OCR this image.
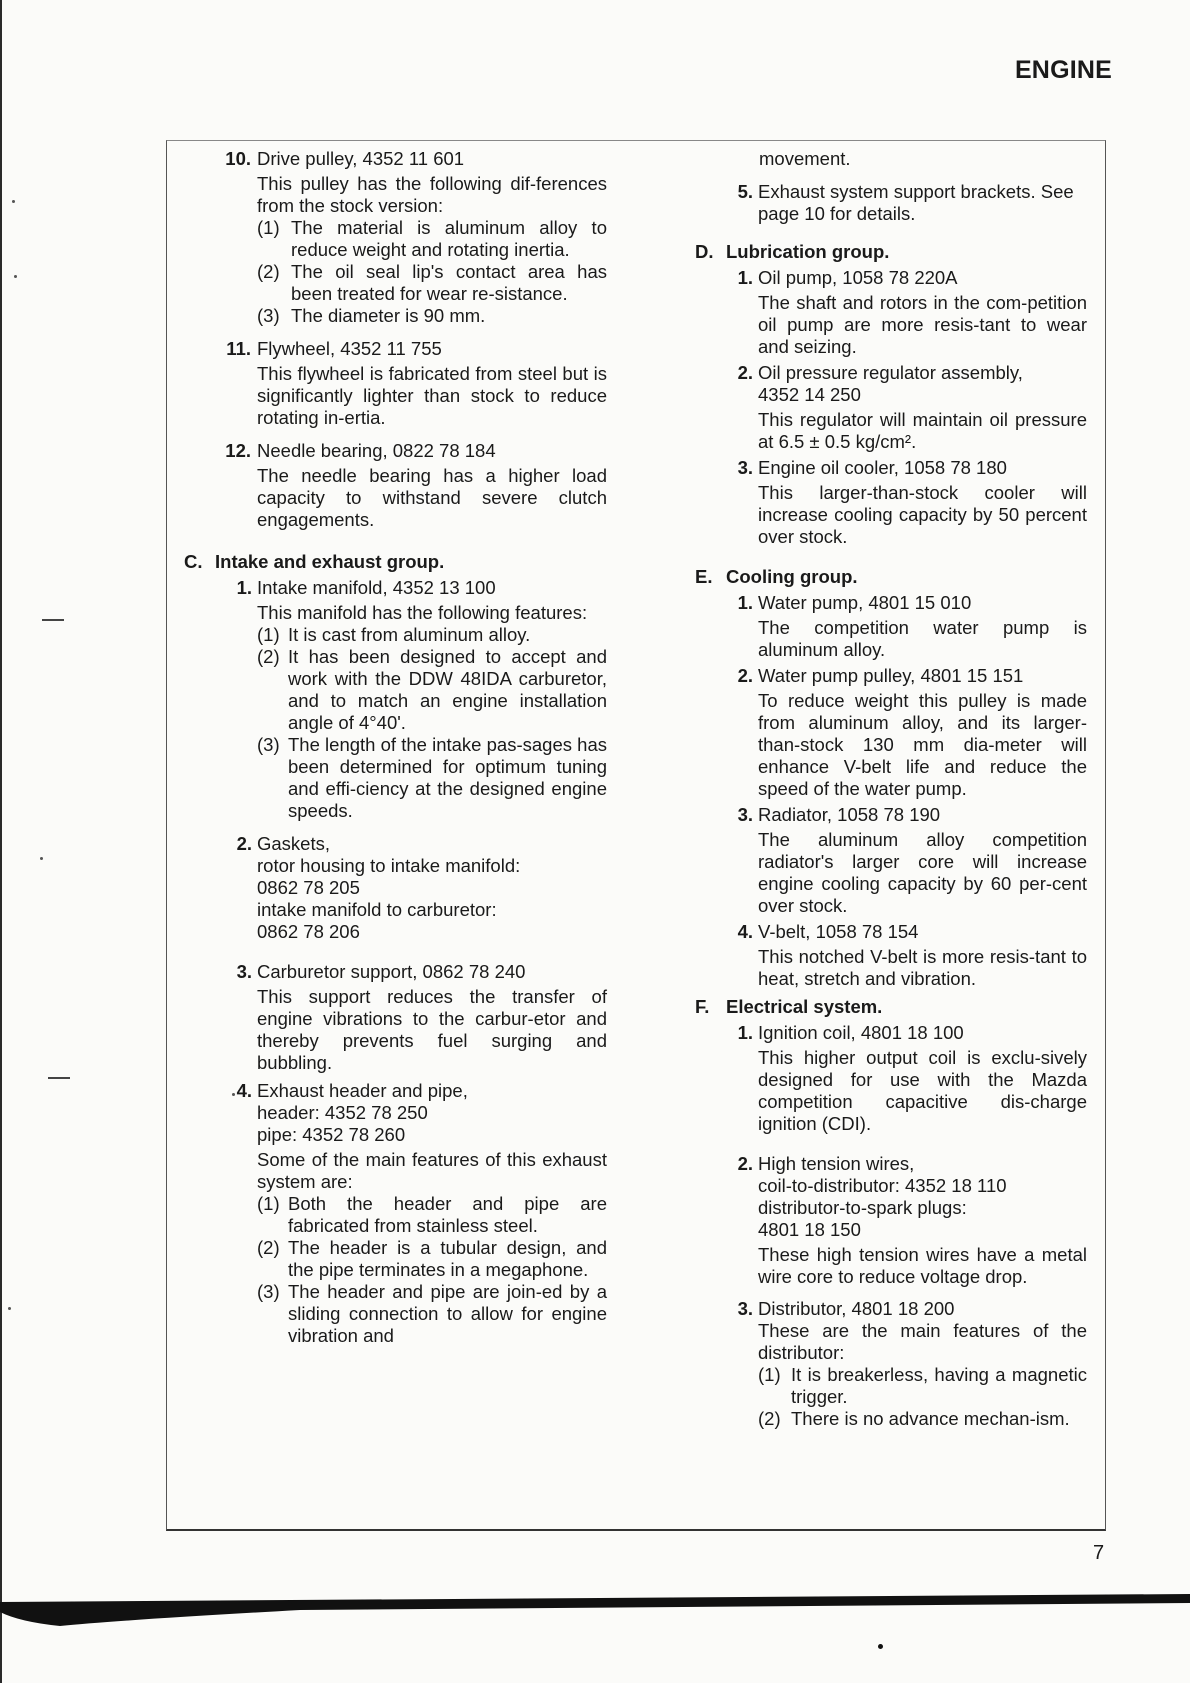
ENGINE
10. Drive pulley, 4352 11 601
This pulley has the following dif-ferences from the stock version:
(1) The material is aluminum alloy to reduce weight and rotating inertia.
(2) The oil seal lip's contact area has been treated for wear re-sistance.
(3) The diameter is 90 mm.
11. Flywheel, 4352 11 755
This flywheel is fabricated from steel but is significantly lighter than stock to reduce rotating in-ertia.
12. Needle bearing, 0822 78 184
The needle bearing has a higher load capacity to withstand severe clutch engagements.
C. Intake and exhaust group.
1. Intake manifold, 4352 13 100
This manifold has the following features:
(1) It is cast from aluminum alloy.
(2) It has been designed to accept and work with the DDW 48IDA carburetor, and to match an engine installation angle of 4°40'.
(3) The length of the intake pas-sages has been determined for optimum tuning and effi-ciency at the designed engine speeds.
2. Gaskets,
rotor housing to intake manifold:
0862 78 205
intake manifold to carburetor:
0862 78 206
3. Carburetor support, 0862 78 240
This support reduces the transfer of engine vibrations to the carbur-etor and thereby prevents fuel surging and bubbling.
4. Exhaust header and pipe,
header: 4352 78 250
pipe: 4352 78 260
Some of the main features of this exhaust system are:
(1) Both the header and pipe are fabricated from stainless steel.
(2) The header is a tubular design, and the pipe terminates in a megaphone.
(3) The header and pipe are join-ed by a sliding connection to allow for engine vibration and
movement.
5. Exhaust system support brackets. See page 10 for details.
D. Lubrication group.
1. Oil pump, 1058 78 220A
The shaft and rotors in the com-petition oil pump are more resis-tant to wear and seizing.
2. Oil pressure regulator assembly,
4352 14 250
This regulator will maintain oil pressure at 6.5 ± 0.5 kg/cm².
3. Engine oil cooler, 1058 78 180
This larger-than-stock cooler will increase cooling capacity by 50 percent over stock.
E. Cooling group.
1. Water pump, 4801 15 010
The competition water pump is aluminum alloy.
2. Water pump pulley, 4801 15 151
To reduce weight this pulley is made from aluminum alloy, and its larger-than-stock 130 mm dia-meter will enhance V-belt life and reduce the speed of the water pump.
3. Radiator, 1058 78 190
The aluminum alloy competition radiator's larger core will increase engine cooling capacity by 60 per-cent over stock.
4. V-belt, 1058 78 154
This notched V-belt is more resis-tant to heat, stretch and vibration.
F. Electrical system.
1. Ignition coil, 4801 18 100
This higher output coil is exclu-sively designed for use with the Mazda competition capacitive dis-charge ignition (CDI).
2. High tension wires,
coil-to-distributor: 4352 18 110
distributor-to-spark plugs:
4801 18 150
These high tension wires have a metal wire core to reduce voltage drop.
3. Distributor, 4801 18 200
These are the main features of the distributor:
(1) It is breakerless, having a magnetic trigger.
(2) There is no advance mechan-ism.
7
